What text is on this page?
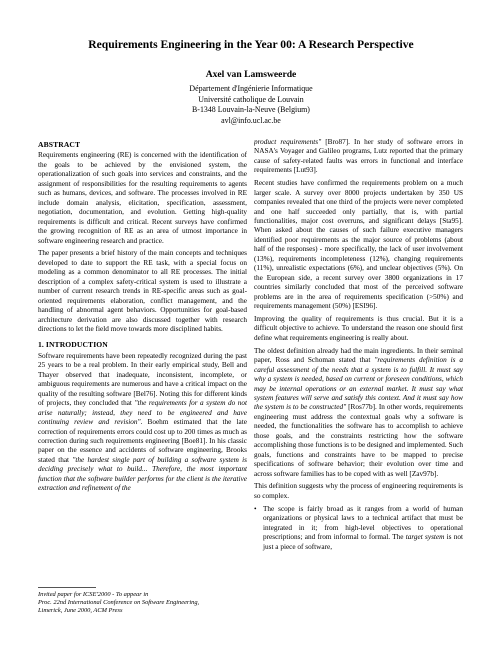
Requirements Engineering in the Year 00: A Research Perspective
Axel van Lamsweerde
Département d'Ingénierie Informatique
Université catholique de Louvain
B-1348 Louvain-la-Neuve (Belgium)
avl@info.ucl.ac.be
ABSTRACT

Requirements engineering (RE) is concerned with the identification of the goals to be achieved by the envisioned system, the operationalization of such goals into services and constraints, and the assignment of responsibilities for the resulting requirements to agents such as humans, devices, and software. The processes involved in RE include domain analysis, elicitation, specification, assessment, negotiation, documentation, and evolution. Getting high-quality requirements is difficult and critical. Recent surveys have confirmed the growing recognition of RE as an area of utmost importance in software engineering research and practice.

The paper presents a brief history of the main concepts and techniques developed to date to support the RE task, with a special focus on modeling as a common denominator to all RE processes. The initial description of a complex safety-critical system is used to illustrate a number of current research trends in RE-specific areas such as goal-oriented requirements elaboration, conflict management, and the handling of abnormal agent behaviors. Opportunities for goal-based architecture derivation are also discussed together with research directions to let the field move towards more disciplined habits.

1. INTRODUCTION

Software requirements have been repeatedly recognized during the past 25 years to be a real problem. In their early empirical study, Bell and Thayer observed that inadequate, inconsistent, incomplete, or ambiguous requirements are numerous and have a critical impact on the quality of the resulting software [Bel76]. Noting this for different kinds of projects, they concluded that "the requirements for a system do not arise naturally; instead, they need to be engineered and have continuing review and revision". Boehm estimated that the late correction of requirements errors could cost up to 200 times as much as correction during such requirements engineering [Boe81]. In his classic paper on the essence and accidents of software engineering, Brooks stated that "the hardest single part of building a software system is deciding precisely what to build... Therefore, the most important function that the software builder performs for the client is the iterative extraction and refinement of the

Invited paper for ICSE'2000 - To appear in
Proc. 22nd International Conference on Software Engineering,
Limerick, June 2000, ACM Press

product requirements" [Bro87]. In her study of software errors in NASA's Voyager and Galileo programs, Lutz reported that the primary cause of safety-related faults was errors in functional and interface requirements [Lut93].

Recent studies have confirmed the requirements problem on a much larger scale. A survey over 8000 projects undertaken by 350 US companies revealed that one third of the projects were never completed and one half succeeded only partially, that is, with partial functionalities, major cost overruns, and significant delays [Sta95]. When asked about the causes of such failure executive managers identified poor requirements as the major source of problems (about half of the responses) - more specifically, the lack of user involvement (13%), requirements incompleteness (12%), changing requirements (11%), unrealistic expectations (6%), and unclear objectives (5%). On the European side, a recent survey over 3800 organizations in 17 countries similarly concluded that most of the perceived software problems are in the area of requirements specification (>50%) and requirements management (50%) [ESI96].

Improving the quality of requirements is thus crucial. But it is a difficult objective to achieve. To understand the reason one should first define what requirements engineering is really about.

The oldest definition already had the main ingredients. In their seminal paper, Ross and Schoman stated that "requirements definition is a careful assessment of the needs that a system is to fulfill. It must say why a system is needed, based on current or foreseen conditions, which may be internal operations or an external market. It must say what system features will serve and satisfy this context. And it must say how the system is to be constructed" [Ros77b]. In other words, requirements engineering must address the contextual goals why a software is needed, the functionalities the software has to accomplish to achieve those goals, and the constraints restricting how the software accomplishing those functions is to be designed and implemented. Such goals, functions and constraints have to be mapped to precise specifications of software behavior; their evolution over time and across software families has to be coped with as well [Zav97b].

This definition suggests why the process of engineering requirements is so complex.

• The scope is fairly broad as it ranges from a world of human organizations or physical laws to a technical artifact that must be integrated in it; from high-level objectives to operational prescriptions; and from informal to formal. The target system is not just a piece of software,
